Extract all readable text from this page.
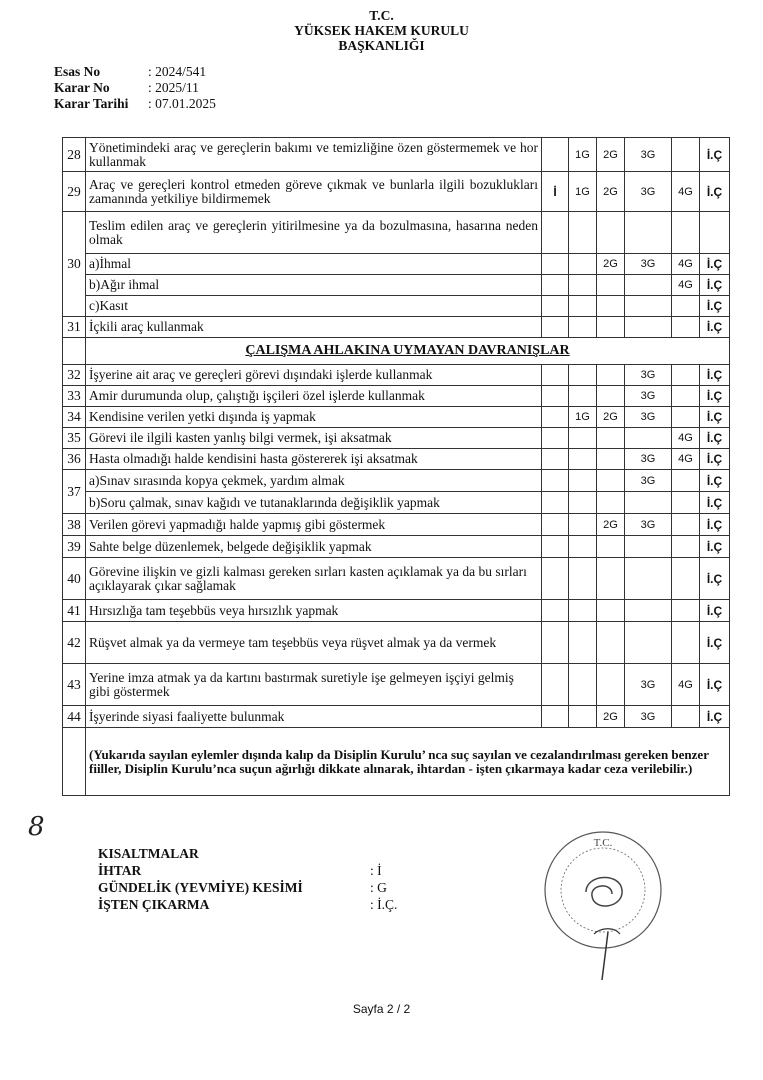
T.C.
YÜKSEK HAKEM KURULU
BAŞKANLIĞI
Esas No	: 2024/541
Karar No	: 2025/11
Karar Tarihi	: 07.01.2025
28	Yönetimindeki araç ve gereçlerin bakımı ve temizliğine özen göstermemek ve hor kullanmak		1G	2G	3G		İ.Ç
29	Araç ve gereçleri kontrol etmeden göreve çıkmak ve bunlarla ilgili bozuklukları zamanında yetkiliye bildirmemek	İ	1G	2G	3G	4G	İ.Ç
30	Teslim edilen araç ve gereçlerin yitirilmesine ya da bozulmasına, hasarına neden olmak						
	a)İhmal			2G	3G	4G	İ.Ç
	b)Ağır ihmal					4G	İ.Ç
	c)Kasıt						İ.Ç
31	İçkili araç kullanmak						İ.Ç
	ÇALIŞMA AHLAKINA UYMAYAN DAVRANIŞLAR						
32	İşyerine ait araç ve gereçleri görevi dışındaki işlerde kullanmak				3G		İ.Ç
33	Amir durumunda olup, çalıştığı işçileri özel işlerde kullanmak				3G		İ.Ç
34	Kendisine verilen yetki dışında iş yapmak		1G	2G	3G		İ.Ç
35	Görevi ile ilgili kasten yanlış bilgi vermek, işi aksatmak					4G	İ.Ç
36	Hasta olmadığı halde kendisini hasta göstererek işi aksatmak				3G	4G	İ.Ç
37	a)Sınav sırasında kopya çekmek, yardım almak				3G		İ.Ç
	b)Soru çalmak, sınav kağıdı ve tutanaklarında değişiklik yapmak						İ.Ç
38	Verilen görevi yapmadığı halde yapmış gibi göstermek			2G	3G		İ.Ç
39	Sahte belge düzenlemek, belgede değişiklik yapmak						İ.Ç
40	Görevine ilişkin ve gizli kalması gereken sırları kasten açıklamak ya da bu sırları açıklayarak çıkar sağlamak						İ.Ç
41	Hırsızlığa tam teşebbüs veya hırsızlık yapmak						İ.Ç
42	Rüşvet almak ya da vermeye tam teşebbüs veya rüşvet almak ya da vermek						İ.Ç
43	Yerine imza atmak ya da kartını bastırmak suretiyle işe gelmeyen işçiyi gelmiş gibi göstermek				3G	4G	İ.Ç
44	İşyerinde siyasi faaliyette bulunmak			2G	3G		İ.Ç
	(Yukarıda sayılan eylemler dışında kalıp da Disiplin Kurulu’ nca suç sayılan ve cezalandırılması gereken benzer fiiller, Disiplin Kurulu’nca suçun ağırlığı dikkate alınarak, ihtardan - işten çıkarmaya kadar ceza verilebilir.)						
8
KISALTMALAR
İHTAR	: İ
GÜNDELİK (YEVMİYE) KESİMİ	: G
İŞTEN ÇIKARMA	: İ.Ç.
T.C.
Sayfa 2 / 2
